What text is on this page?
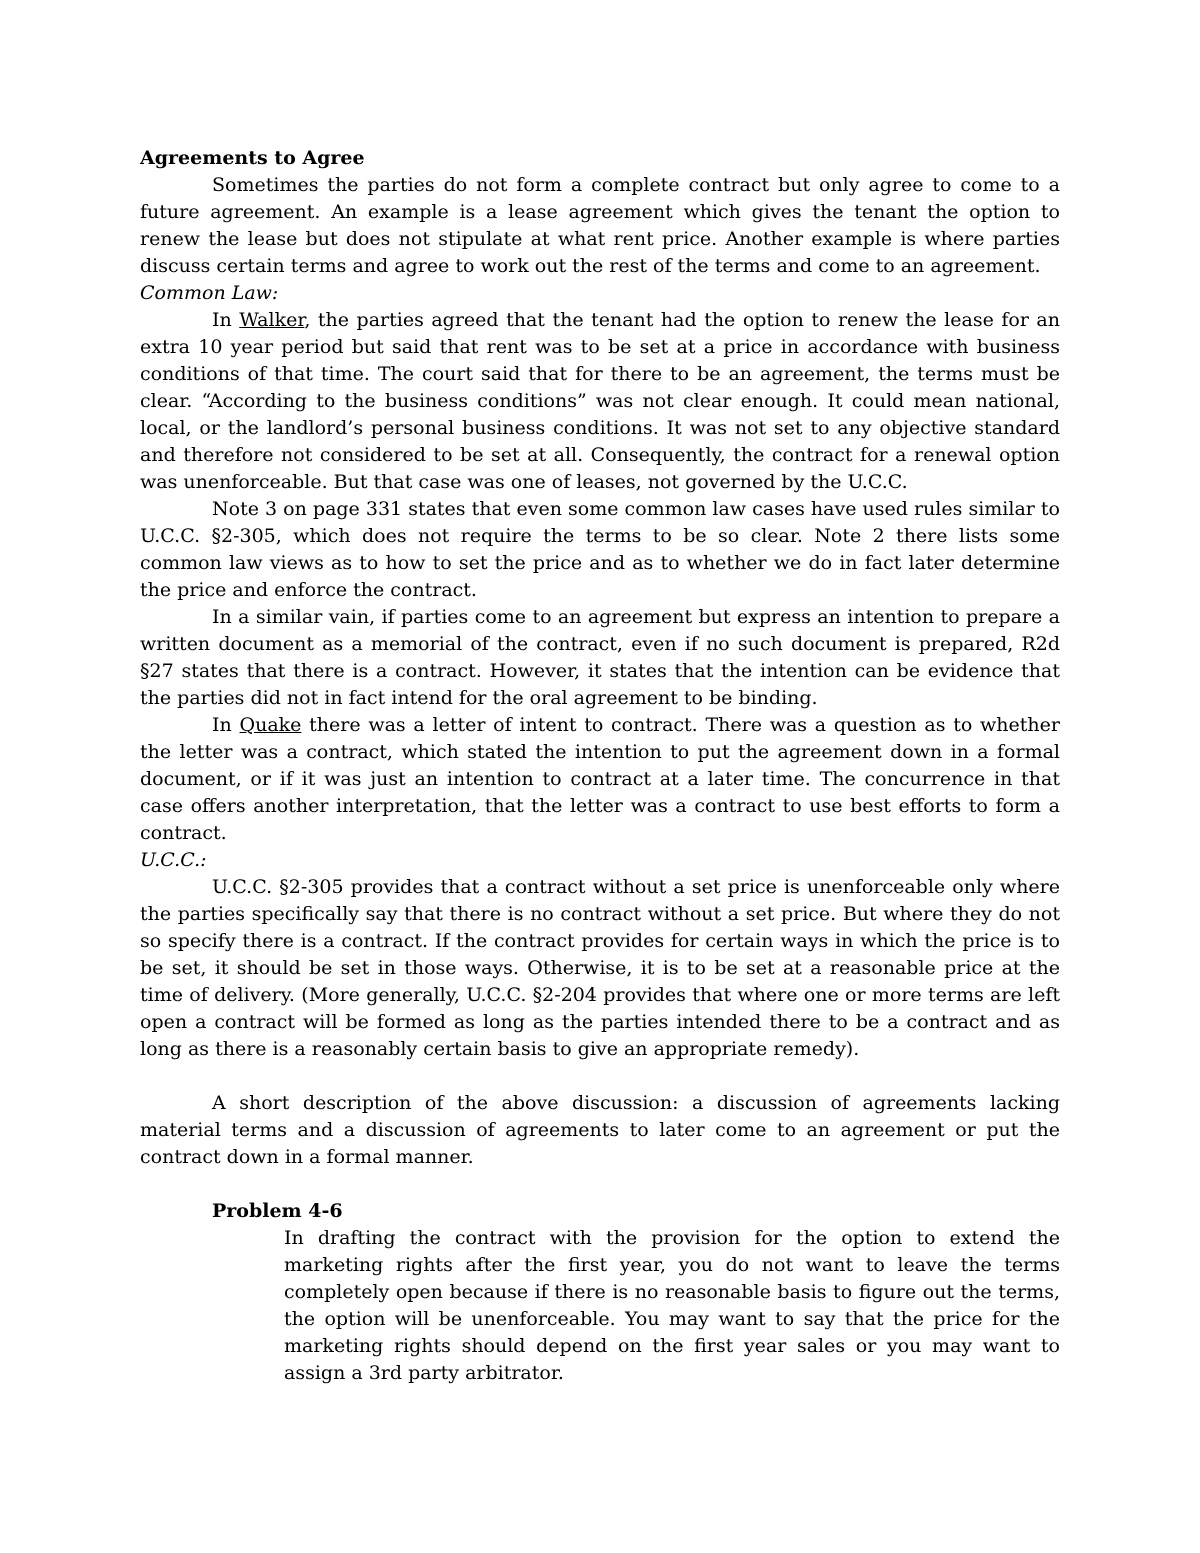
Agreements to Agree

Sometimes the parties do not form a complete contract but only agree to come to a future agreement. An example is a lease agreement which gives the tenant the option to renew the lease but does not stipulate at what rent price. Another example is where parties discuss certain terms and agree to work out the rest of the terms and come to an agreement.

Common Law:

In Walker, the parties agreed that the tenant had the option to renew the lease for an extra 10 year period but said that rent was to be set at a price in accordance with business conditions of that time. The court said that for there to be an agreement, the terms must be clear. “According to the business conditions” was not clear enough. It could mean national, local, or the landlord’s personal business conditions. It was not set to any objective standard and therefore not considered to be set at all. Consequently, the contract for a renewal option was unenforceable. But that case was one of leases, not governed by the U.C.C.

Note 3 on page 331 states that even some common law cases have used rules similar to U.C.C. §2-305, which does not require the terms to be so clear. Note 2 there lists some common law views as to how to set the price and as to whether we do in fact later determine the price and enforce the contract.

In a similar vain, if parties come to an agreement but express an intention to prepare a written document as a memorial of the contract, even if no such document is prepared, R2d §27 states that there is a contract. However, it states that the intention can be evidence that the parties did not in fact intend for the oral agreement to be binding.

In Quake there was a letter of intent to contract. There was a question as to whether the letter was a contract, which stated the intention to put the agreement down in a formal document, or if it was just an intention to contract at a later time. The concurrence in that case offers another interpretation, that the letter was a contract to use best efforts to form a contract.

U.C.C.:

U.C.C. §2-305 provides that a contract without a set price is unenforceable only where the parties specifically say that there is no contract without a set price. But where they do not so specify there is a contract. If the contract provides for certain ways in which the price is to be set, it should be set in those ways. Otherwise, it is to be set at a reasonable price at the time of delivery. (More generally, U.C.C. §2-204 provides that where one or more terms are left open a contract will be formed as long as the parties intended there to be a contract and as long as there is a reasonably certain basis to give an appropriate remedy).

A short description of the above discussion: a discussion of agreements lacking material terms and a discussion of agreements to later come to an agreement or put the contract down in a formal manner.

Problem 4-6

In drafting the contract with the provision for the option to extend the marketing rights after the first year, you do not want to leave the terms completely open because if there is no reasonable basis to figure out the terms, the option will be unenforceable. You may want to say that the price for the marketing rights should depend on the first year sales or you may want to assign a 3rd party arbitrator.
